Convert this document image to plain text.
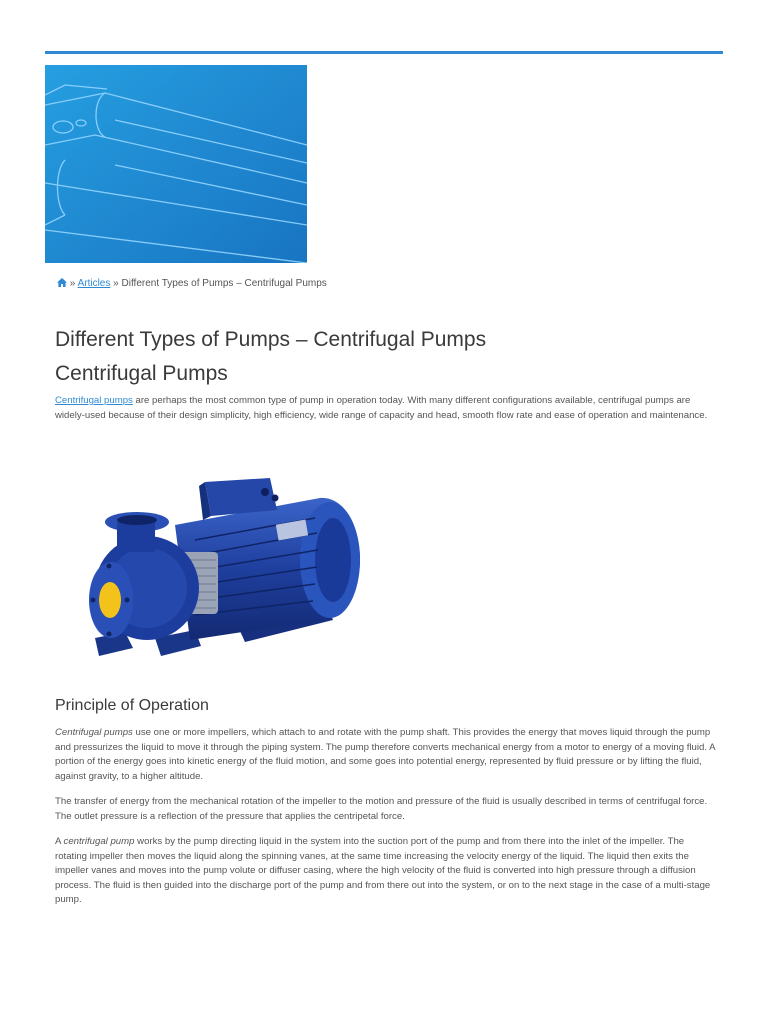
» Articles » Different Types of Pumps – Centrifugal Pumps
Different Types of Pumps – Centrifugal Pumps
Centrifugal Pumps

Centrifugal pumps are perhaps the most common type of pump in operation today. With many different configurations available, centrifugal pumps are widely-used because of their design simplicity, high efficiency, wide range of capacity and head, smooth flow rate and ease of operation and maintenance.

Principle of Operation

Centrifugal pumps use one or more impellers, which attach to and rotate with the pump shaft. This provides the energy that moves liquid through the pump and pressurizes the liquid to move it through the piping system. The pump therefore converts mechanical energy from a motor to energy of a moving fluid. A portion of the energy goes into kinetic energy of the fluid motion, and some goes into potential energy, represented by fluid pressure or by lifting the fluid, against gravity, to a higher altitude.

The transfer of energy from the mechanical rotation of the impeller to the motion and pressure of the fluid is usually described in terms of centrifugal force. The outlet pressure is a reflection of the pressure that applies the centripetal force.

A centrifugal pump works by the pump directing liquid in the system into the suction port of the pump and from there into the inlet of the impeller. The rotating impeller then moves the liquid along the spinning vanes, at the same time increasing the velocity energy of the liquid. The liquid then exits the impeller vanes and moves into the pump volute or diffuser casing, where the high velocity of the fluid is converted into high pressure through a diffusion process. The fluid is then guided into the discharge port of the pump and from there out into the system, or on to the next stage in the case of a multi-stage pump.
